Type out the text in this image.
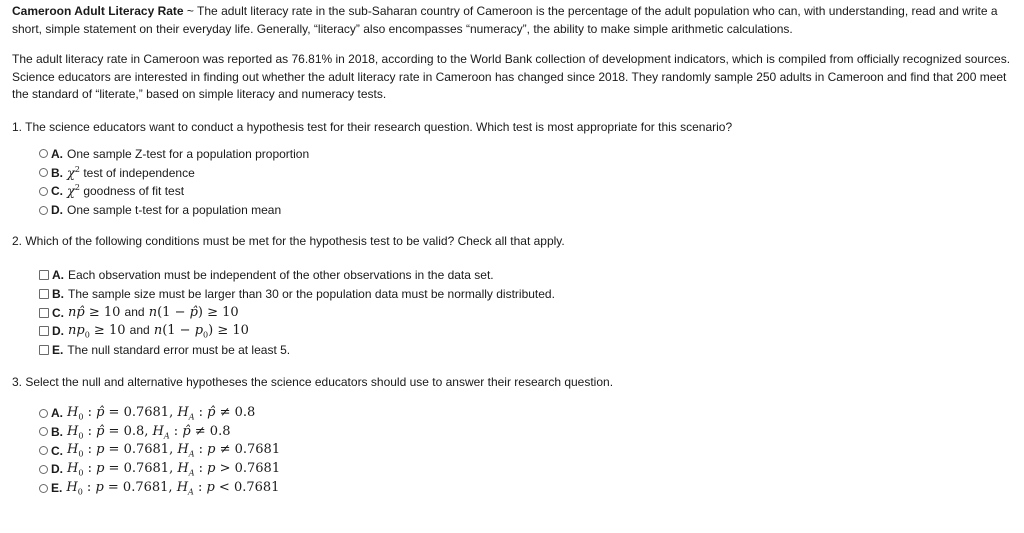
Cameroon Adult Literacy Rate ~ The adult literacy rate in the sub-Saharan country of Cameroon is the percentage of the adult population who can, with understanding, read and write a short, simple statement on their everyday life. Generally, “literacy” also encompasses “numeracy”, the ability to make simple arithmetic calculations.
The adult literacy rate in Cameroon was reported as 76.81% in 2018, according to the World Bank collection of development indicators, which is compiled from officially recognized sources. Science educators are interested in finding out whether the adult literacy rate in Cameroon has changed since 2018. They randomly sample 250 adults in Cameroon and find that 200 meet the standard of “literate,” based on simple literacy and numeracy tests.
1. The science educators want to conduct a hypothesis test for their research question. Which test is most appropriate for this scenario?
A. One sample Z-test for a population proportion
B. $\chi^2$
test of independence
C. $\chi^2$
goodness of fit test
D. One sample t-test for a population mean
2. Which of the following conditions must be met for the hypothesis test to be valid? Check all that apply.
A. Each observation must be independent of the other observations in the data set.
B. The sample size must be larger than 30 or the population data must be normally distributed.
C. np̂ ≥ 10 and n(1 − p̂) ≥ 10
D. $np_0 \ge 10$ and $n(1 - p_0) \ge 10$
E. The null standard error must be at least 5.
3. Select the null and alternative hypotheses the science educators should use to answer their research question.
A. $H_0$ : p̂ = 0.7681, $H_A$ : p̂ ≠ 0.8
B. $H_0$ : p̂ = 0.8, $H_A$ : p̂ ≠ 0.8
C. $H_0$ : p = 0.7681, $H_A$ : p ≠ 0.7681
D. $H_0$ : p = 0.7681, $H_A$ : p > 0.7681
E. $H_0$ : p = 0.7681, $H_A$ : p < 0.7681
